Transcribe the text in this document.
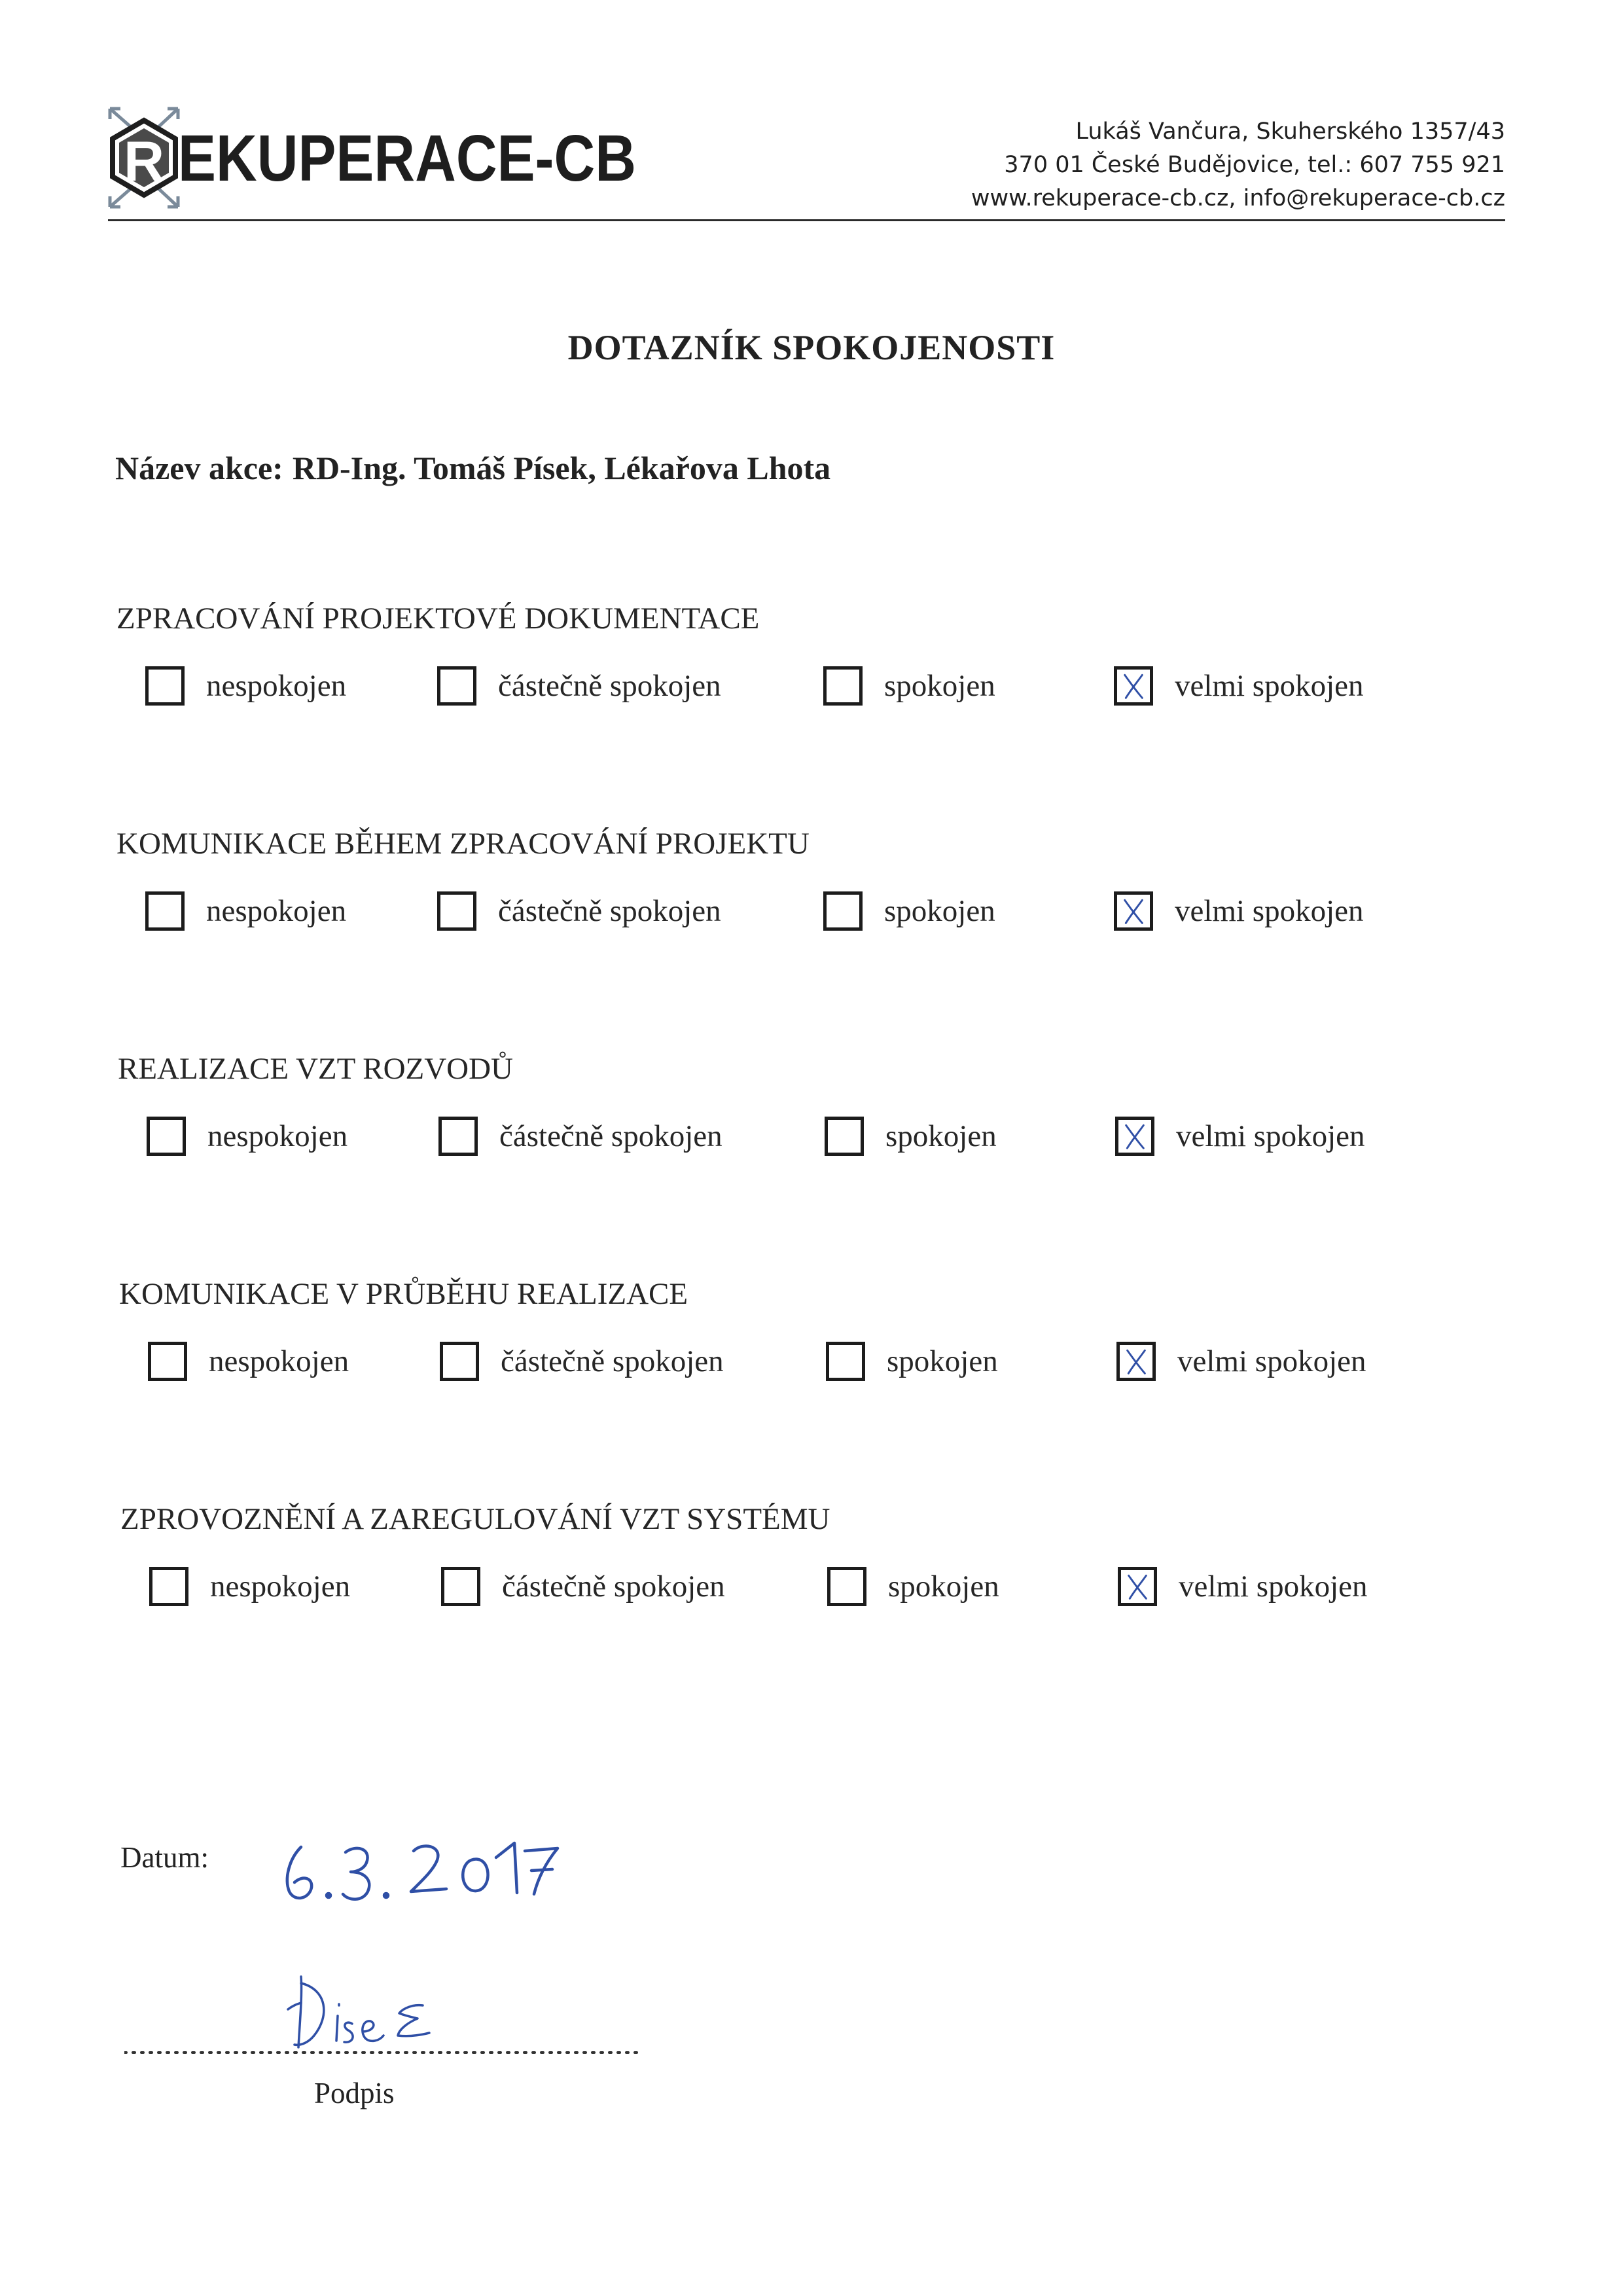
R EKUPERACE-CB	Lukáš Vančura, Skuherského 1357/43
370 01 České Budějovice, tel.: 607 755 921
www.rekuperace-cb.cz, info@rekuperace-cb.cz
DOTAZNÍK SPOKOJENOSTI
Název akce: RD-Ing. Tomáš Písek, Lékařova Lhota
ZPRACOVÁNÍ PROJEKTOVÉ DOKUMENTACE
nespokojen	částečně spokojen	spokojen	velmi spokojen
KOMUNIKACE BĚHEM ZPRACOVÁNÍ PROJEKTU
nespokojen	částečně spokojen	spokojen	velmi spokojen
REALIZACE VZT ROZVODŮ
nespokojen	částečně spokojen	spokojen	velmi spokojen
KOMUNIKACE V PRŮBĚHU REALIZACE
nespokojen	částečně spokojen	spokojen	velmi spokojen
ZPROVOZNĚNÍ A ZAREGULOVÁNÍ VZT SYSTÉMU
nespokojen	částečně spokojen	spokojen	velmi spokojen
Datum:
Podpis
